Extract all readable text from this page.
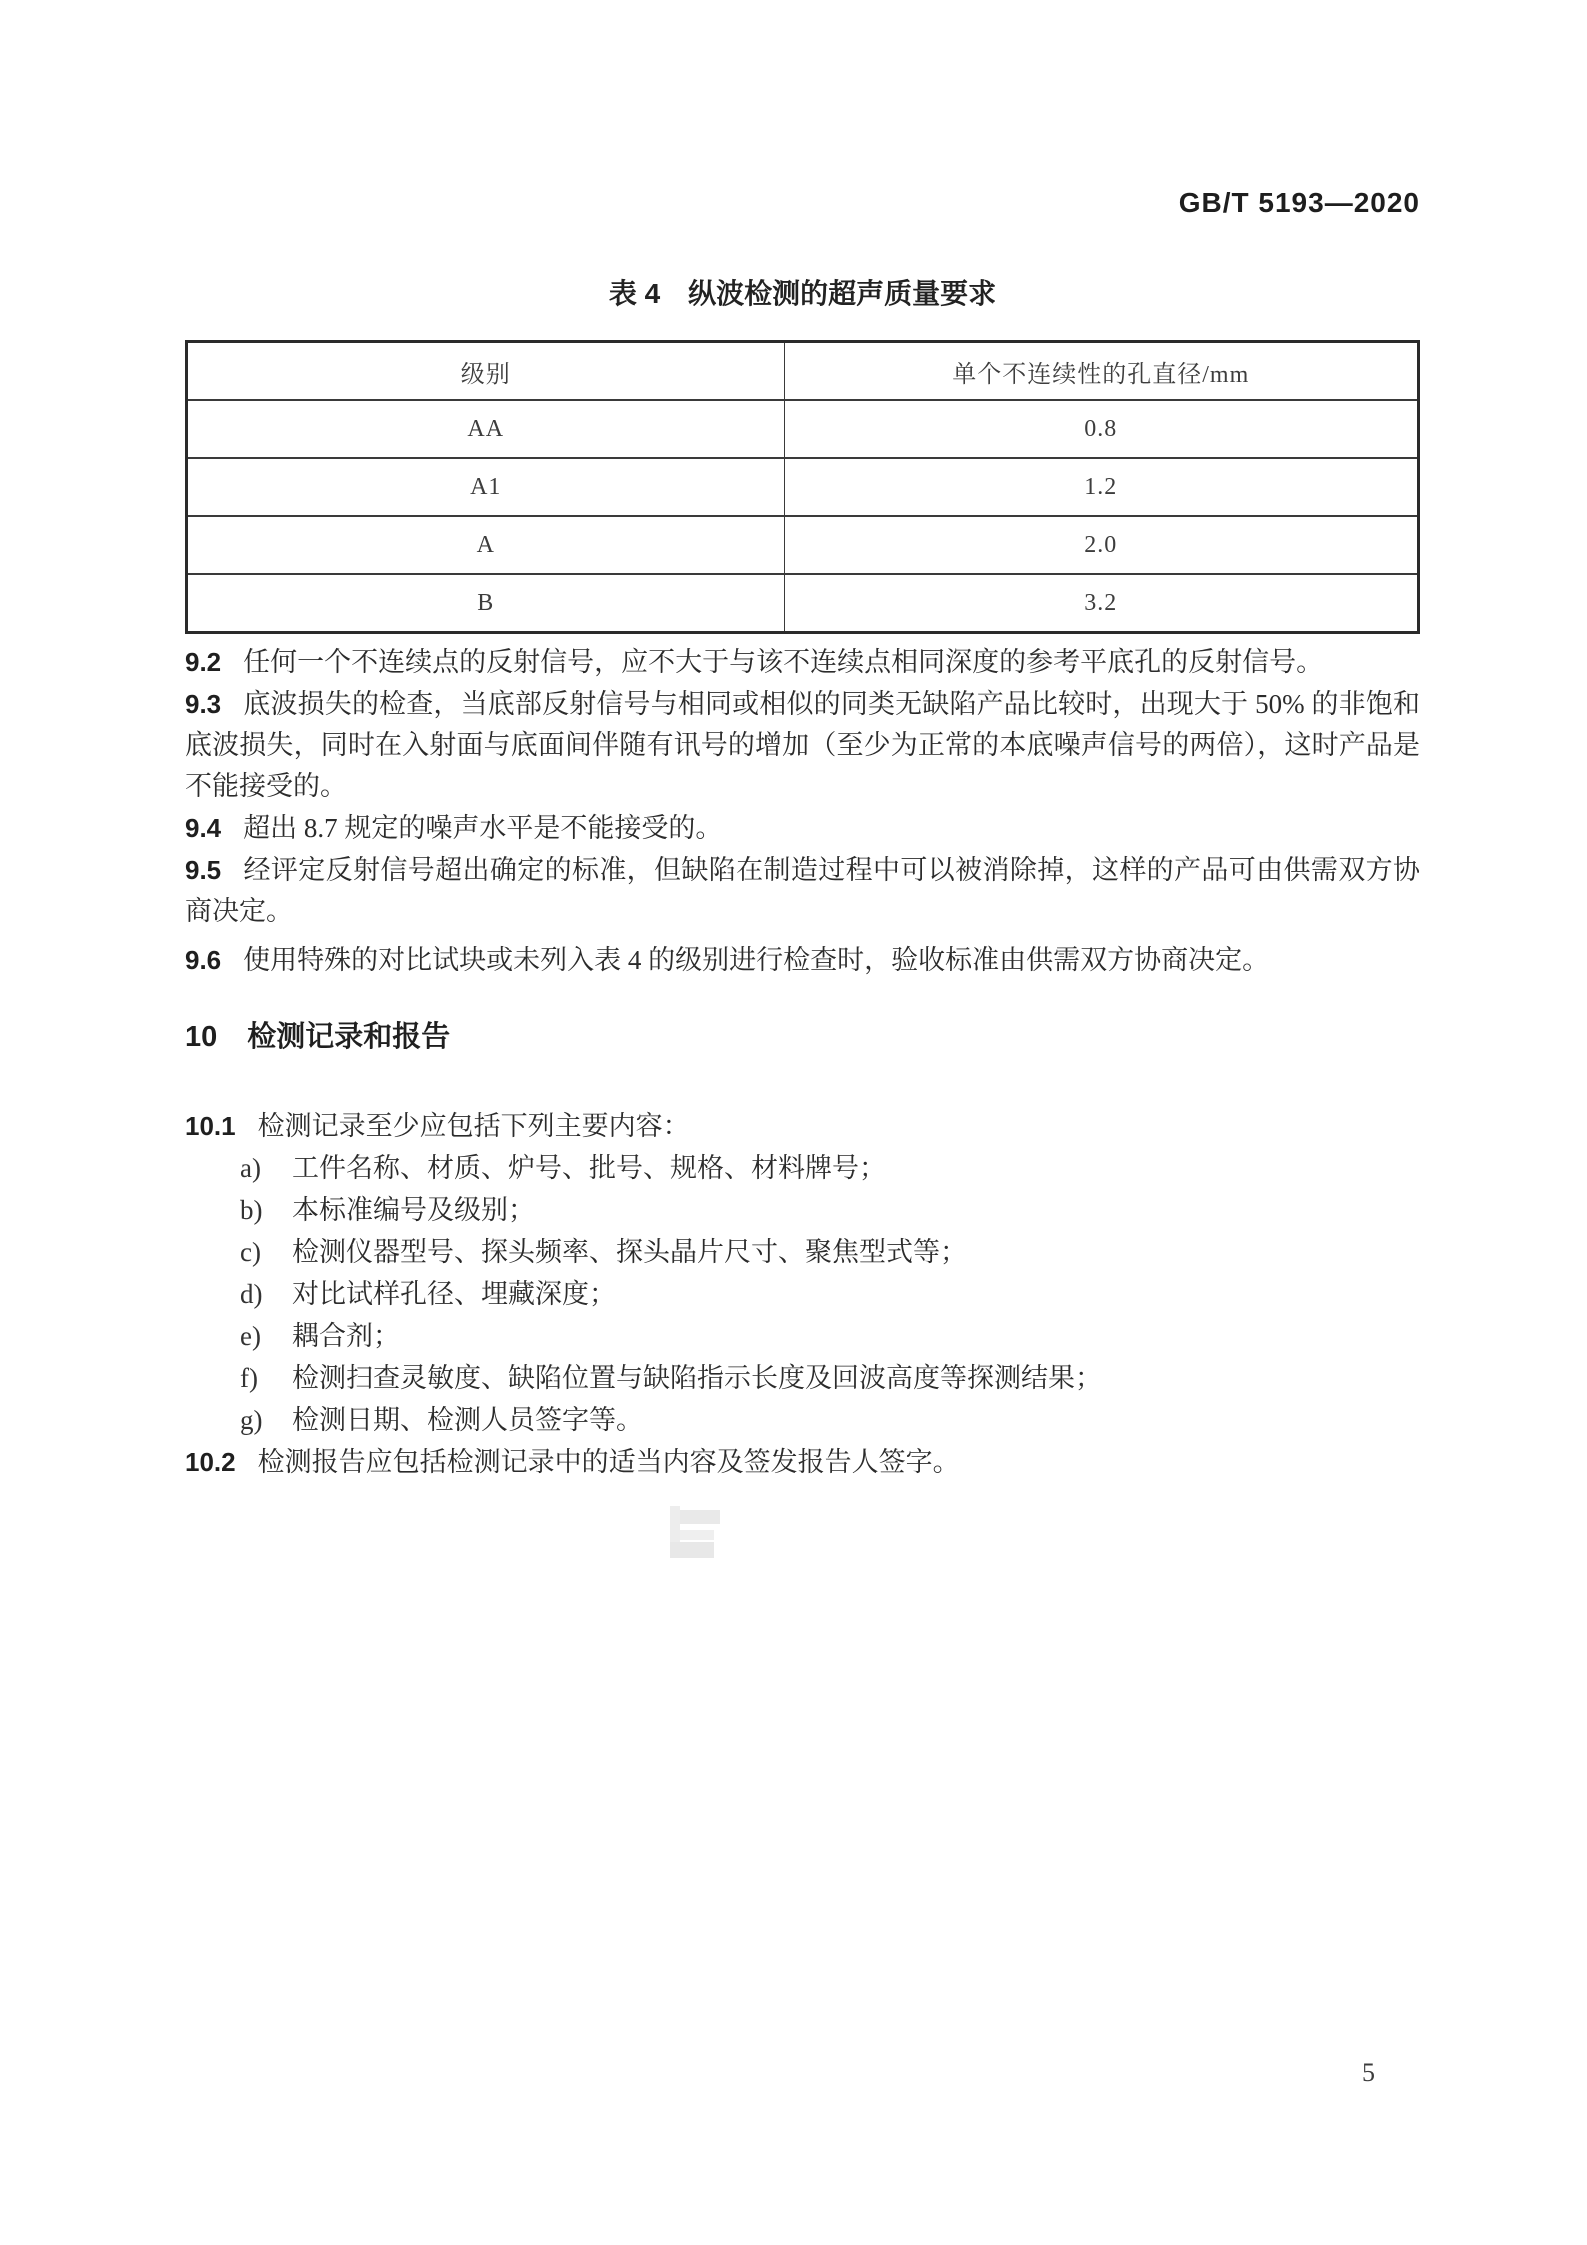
GB/T 5193—2020
表 4 纵波检测的超声质量要求
级别	单个不连续性的孔直径/mm
AA	0.8
A1	1.2
A	2.0
B	3.2

9.2 任何一个不连续点的反射信号，应不大于与该不连续点相同深度的参考平底孔的反射信号。

9.3 底波损失的检查，当底部反射信号与相同或相似的同类无缺陷产品比较时，出现大于 50% 的非饱和底波损失，同时在入射面与底面间伴随有讯号的增加（至少为正常的本底噪声信号的两倍），这时产品是不能接受的。

9.4 超出 8.7 规定的噪声水平是不能接受的。

9.5 经评定反射信号超出确定的标准，但缺陷在制造过程中可以被消除掉，这样的产品可由供需双方协商决定。

9.6 使用特殊的对比试块或未列入表 4 的级别进行检查时，验收标准由供需双方协商决定。

10 检测记录和报告

10.1 检测记录至少应包括下列主要内容：

a) 工件名称、材质、炉号、批号、规格、材料牌号；
b) 本标准编号及级别；
c) 检测仪器型号、探头频率、探头晶片尺寸、聚焦型式等；
d) 对比试样孔径、埋藏深度；
e) 耦合剂；
f) 检测扫查灵敏度、缺陷位置与缺陷指示长度及回波高度等探测结果；
g) 检测日期、检测人员签字等。

10.2 检测报告应包括检测记录中的适当内容及签发报告人签字。

5
